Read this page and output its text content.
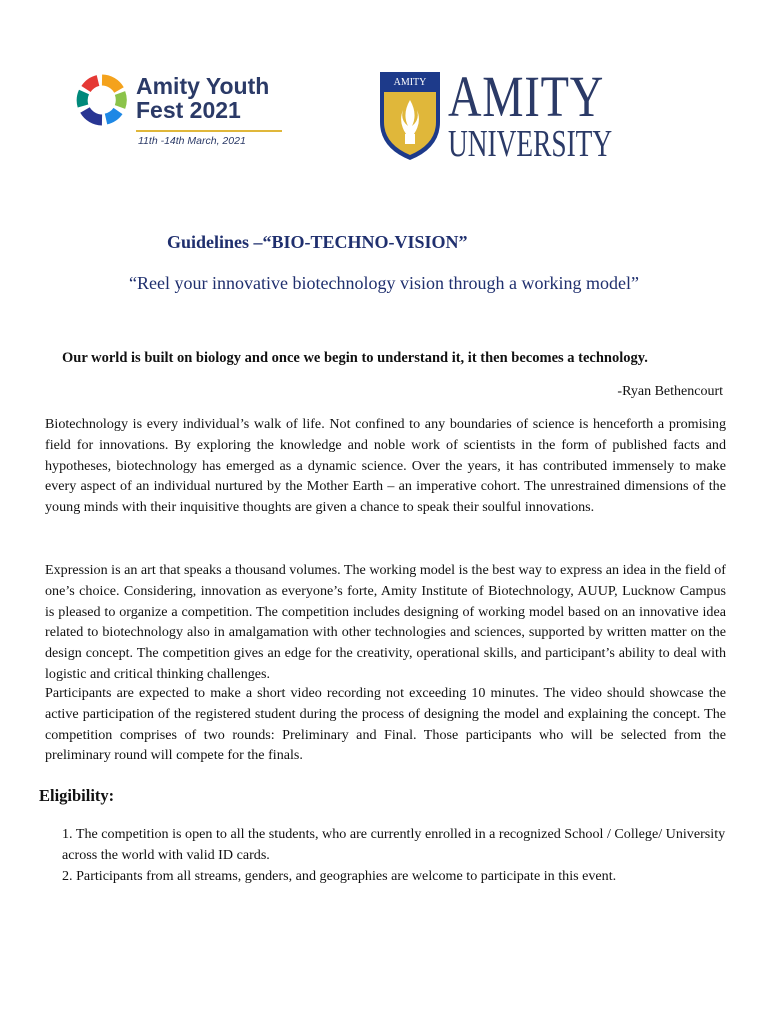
Amity Youth
Fest 2021
11th -14th March, 2021
AMITY AMITY
UNIVERSITY
Guidelines –“BIO-TECHNO-VISION”
“Reel your innovative biotechnology vision through a working model”
Our world is built on biology and once we begin to understand it, it then becomes a technology.
-Ryan Bethencourt

Biotechnology is every individual’s walk of life. Not confined to any boundaries of science is henceforth a promising field for innovations. By exploring the knowledge and noble work of scientists in the form of published facts and hypotheses, biotechnology has emerged as a dynamic science. Over the years, it has contributed immensely to make every aspect of an individual nurtured by the Mother Earth – an imperative cohort. The unrestrained dimensions of the young minds with their inquisitive thoughts are given a chance to speak their soulful innovations.

Expression is an art that speaks a thousand volumes. The working model is the best way to express an idea in the field of one’s choice. Considering, innovation as everyone’s forte, Amity Institute of Biotechnology, AUUP, Lucknow Campus is pleased to organize a competition. The competition includes designing of working model based on an innovative idea related to biotechnology also in amalgamation with other technologies and sciences, supported by written matter on the design concept. The competition gives an edge for the creativity, operational skills, and participant’s ability to deal with logistic and critical thinking challenges.

Participants are expected to make a short video recording not exceeding 10 minutes. The video should showcase the active participation of the registered student during the process of designing the model and explaining the concept. The competition comprises of two rounds: Preliminary and Final. Those participants who will be selected from the preliminary round will compete for the finals.

Eligibility:
1. The competition is open to all the students, who are currently enrolled in a recognized School / College/ University across the world with valid ID cards.
2. Participants from all streams, genders, and geographies are welcome to participate in this event.
